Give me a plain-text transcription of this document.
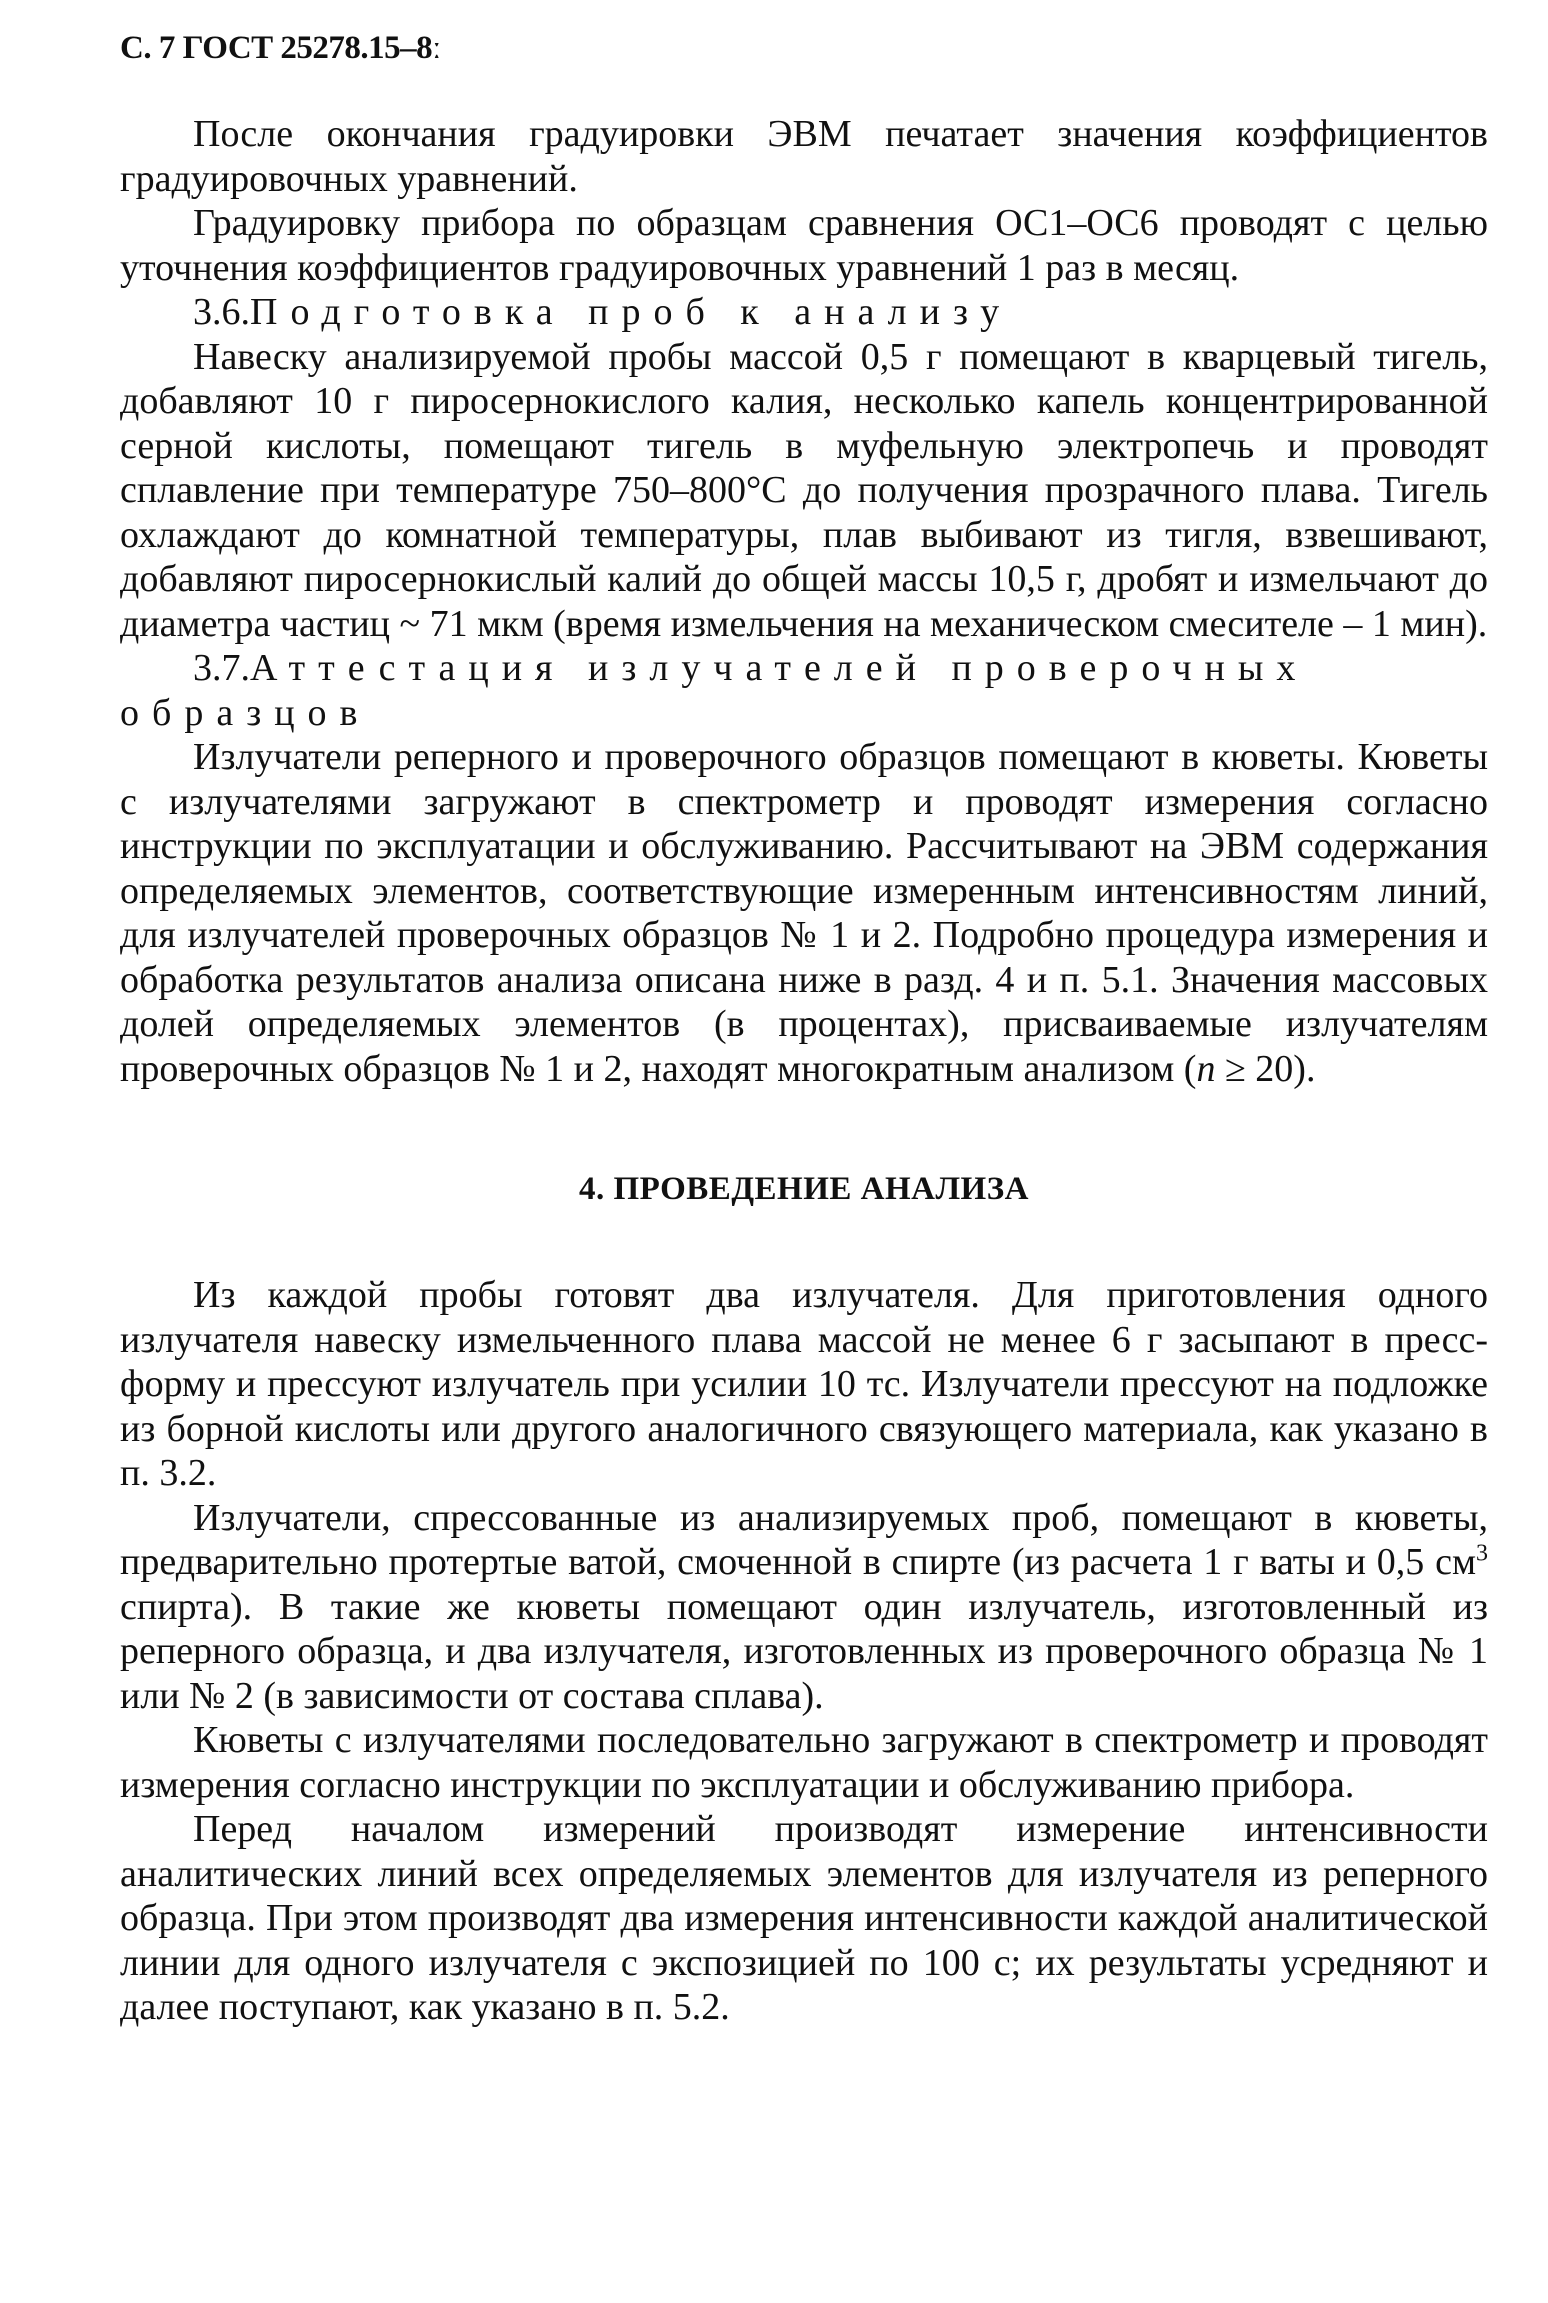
С. 7 ГОСТ 25278.15–8ː

После окончания градуировки ЭВМ печатает значения коэффициентов градуировочных уравнений.

Градуировку прибора по образцам сравнения ОС1–ОС6 проводят с целью уточнения коэффициентов градуировочных уравнений 1 раз в месяц.

3.6.Подготовка проб к анализу

Навеску анализируемой пробы массой 0,5 г помещают в кварцевый тигель, добавляют 10 г пиросернокислого калия, несколько капель концентрированной серной кислоты, помещают тигель в муфельную электропечь и проводят сплавление при температуре 750–800°С до получения прозрачного плава. Тигель охлаждают до комнатной температуры, плав выбивают из тигля, взвешивают, добавляют пиросернокислый калий до общей массы 10,5 г, дробят и измельчают до диаметра частиц ~ 71 мкм (время измельчения на механическом смесителе – 1 мин).

3.7.Аттестация излучателей проверочных образцов

Излучатели реперного и проверочного образцов помещают в кюветы. Кюветы с излучателями загружают в спектрометр и проводят измерения согласно инструкции по эксплуатации и обслуживанию. Рассчитывают на ЭВМ содержания определяемых элементов, соответствующие измеренным интенсивностям линий, для излучателей проверочных образцов № 1 и 2. Подробно процедура измерения и обработка результатов анализа описана ниже в разд. 4 и п. 5.1. Значения массовых долей определяемых элементов (в процентах), присваиваемые излучателям проверочных образцов № 1 и 2, находят многократным анализом (n ≥ 20).

4. ПРОВЕДЕНИЕ АНАЛИЗА

Из каждой пробы готовят два излучателя. Для приготовления одного излучателя навеску измельченного плава массой не менее 6 г засыпают в пресс-форму и прессуют излучатель при усилии 10 тс. Излучатели прессуют на подложке из борной кислоты или другого аналогичного связующего материала, как указано в п. 3.2.

Излучатели, спрессованные из анализируемых проб, помещают в кюветы, предварительно протертые ватой, смоченной в спирте (из расчета 1 г ваты и 0,5 $см^3$ спирта). В такие же кюветы помещают один излучатель, изготовленный из реперного образца, и два излучателя, изготовленных из проверочного образца № 1 или № 2 (в зависимости от состава сплава).

Кюветы с излучателями последовательно загружают в спектрометр и проводят измерения согласно инструкции по эксплуатации и обслуживанию прибора.

Перед началом измерений производят измерение интенсивности аналитических линий всех определяемых элементов для излучателя из реперного образца. При этом производят два измерения интенсивности каждой аналитической линии для одного излучателя с экспозицией по 100 с; их результаты усредняют и далее поступают, как указано в п. 5.2.
